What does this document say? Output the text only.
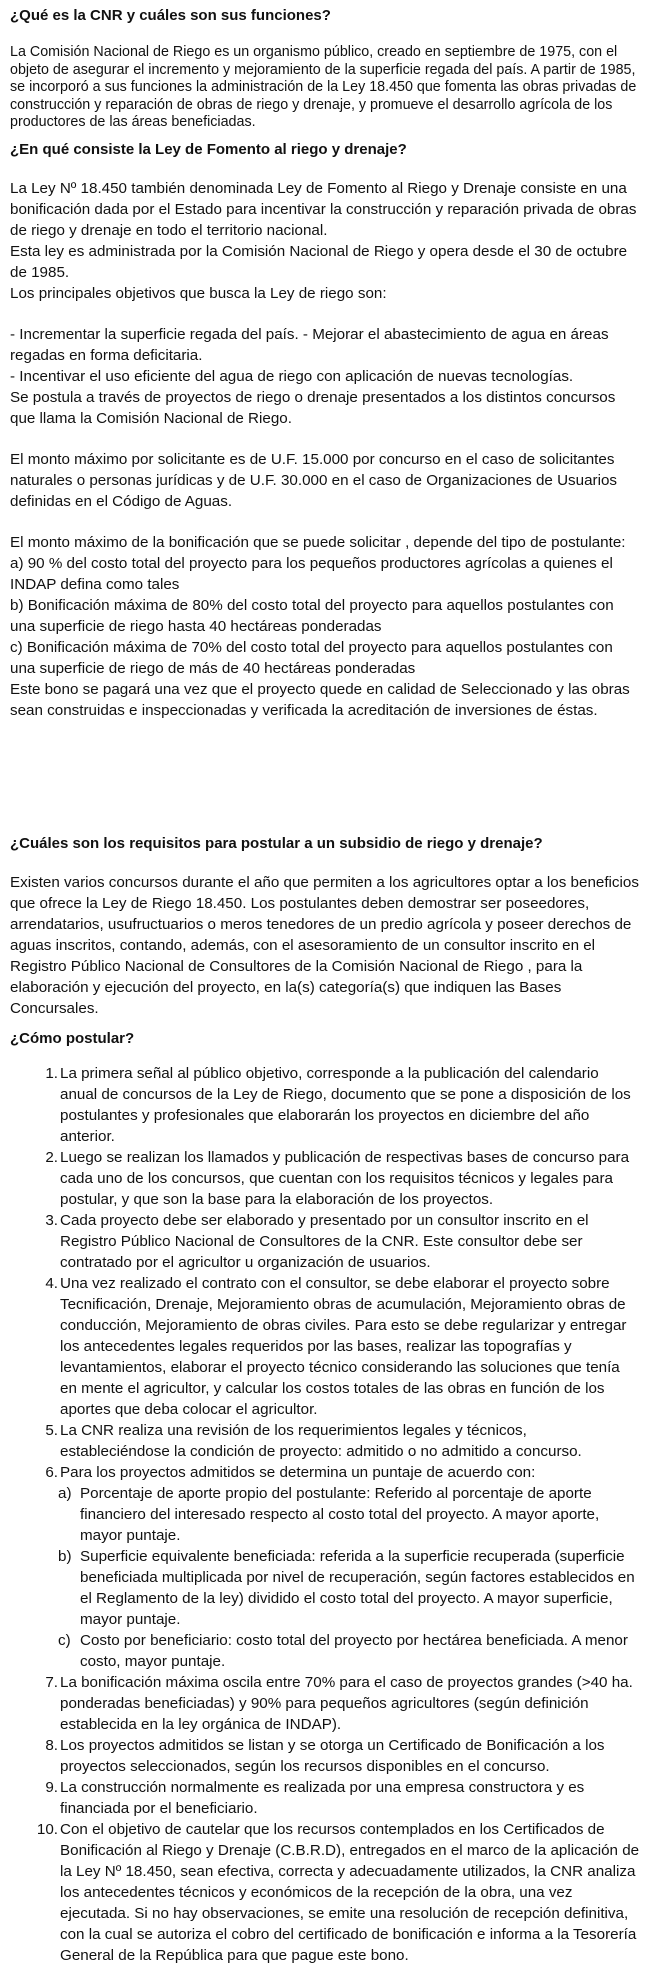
¿Qué es la CNR y cuáles son sus funciones?

La Comisión Nacional de Riego es un organismo público, creado en septiembre de 1975, con el objeto de asegurar el incremento y mejoramiento de la superficie regada del país. A partir de 1985, se incorporó a sus funciones la administración de la Ley 18.450 que fomenta las obras privadas de construcción y reparación de obras de riego y drenaje, y promueve el desarrollo agrícola de los productores de las áreas beneficiadas.

¿En qué consiste la Ley de Fomento al riego y drenaje?

La Ley Nº 18.450 también denominada Ley de Fomento al Riego y Drenaje consiste en una bonificación dada por el Estado para incentivar la construcción y reparación privada de obras de riego y drenaje en todo el territorio nacional.

Esta ley es administrada por la Comisión Nacional de Riego y opera desde el 30 de octubre de 1985.

Los principales objetivos que busca la Ley de riego son:

- Incrementar la superficie regada del país. - Mejorar el abastecimiento de agua en áreas regadas en forma deficitaria.

- Incentivar el uso eficiente del agua de riego con aplicación de nuevas tecnologías.

Se postula a través de proyectos de riego o drenaje presentados a los distintos concursos que llama la Comisión Nacional de Riego.

El monto máximo por solicitante es de U.F. 15.000 por concurso en el caso de solicitantes naturales o personas jurídicas y de U.F. 30.000 en el caso de Organizaciones de Usuarios definidas en el Código de Aguas.

El monto máximo de la bonificación que se puede solicitar , depende del tipo de postulante:

a) 90 % del costo total del proyecto para los pequeños productores agrícolas a quienes el INDAP defina como tales

b) Bonificación máxima de 80% del costo total del proyecto para aquellos postulantes con una superficie de riego hasta 40 hectáreas ponderadas

c) Bonificación máxima de 70% del costo total del proyecto para aquellos postulantes con una superficie de riego de más de 40 hectáreas ponderadas

Este bono se pagará una vez que el proyecto quede en calidad de Seleccionado y las obras sean construidas e inspeccionadas y verificada la acreditación de inversiones de éstas.

¿Cuáles son los requisitos para postular a un subsidio de riego y drenaje?

Existen varios concursos durante el año que permiten a los agricultores optar a los beneficios que ofrece la Ley de Riego 18.450. Los postulantes deben demostrar ser poseedores, arrendatarios, usufructuarios o meros tenedores de un predio agrícola y poseer derechos de aguas inscritos, contando, además, con el asesoramiento de un consultor inscrito en el Registro Público Nacional de Consultores de la Comisión Nacional de Riego , para la elaboración y ejecución del proyecto, en la(s) categoría(s) que indiquen las Bases Concursales.

¿Cómo postular?
1. La primera señal al público objetivo, corresponde a la publicación del calendario anual de concursos de la Ley de Riego, documento que se pone a disposición de los postulantes y profesionales que elaborarán los proyectos en diciembre del año anterior.
2. Luego se realizan los llamados y publicación de respectivas bases de concurso para cada uno de los concursos, que cuentan con los requisitos técnicos y legales para postular, y que son la base para la elaboración de los proyectos.
3. Cada proyecto debe ser elaborado y presentado por un consultor inscrito en el Registro Público Nacional de Consultores de la CNR. Este consultor debe ser contratado por el agricultor u organización de usuarios.
4. Una vez realizado el contrato con el consultor, se debe elaborar el proyecto sobre Tecnificación, Drenaje, Mejoramiento obras de acumulación, Mejoramiento obras de conducción, Mejoramiento de obras civiles. Para esto se debe regularizar y entregar los antecedentes legales requeridos por las bases, realizar las topografías y levantamientos, elaborar el proyecto técnico considerando las soluciones que tenía en mente el agricultor, y calcular los costos totales de las obras en función de los aportes que deba colocar el agricultor.
5. La CNR realiza una revisión de los requerimientos legales y técnicos, estableciéndose la condición de proyecto: admitido o no admitido a concurso.
6. Para los proyectos admitidos se determina un puntaje de acuerdo con:
a) Porcentaje de aporte propio del postulante: Referido al porcentaje de aporte financiero del interesado respecto al costo total del proyecto. A mayor aporte, mayor puntaje.
b) Superficie equivalente beneficiada: referida a la superficie recuperada (superficie beneficiada multiplicada por nivel de recuperación, según factores establecidos en el Reglamento de la ley) dividido el costo total del proyecto. A mayor superficie, mayor puntaje.
c) Costo por beneficiario: costo total del proyecto por hectárea beneficiada. A menor costo, mayor puntaje.
7. La bonificación máxima oscila entre 70% para el caso de proyectos grandes (>40 ha. ponderadas beneficiadas) y 90% para pequeños agricultores (según definición establecida en la ley orgánica de INDAP).
8. Los proyectos admitidos se listan y se otorga un Certificado de Bonificación a los proyectos seleccionados, según los recursos disponibles en el concurso.
9. La construcción normalmente es realizada por una empresa constructora y es financiada por el beneficiario.
10. Con el objetivo de cautelar que los recursos contemplados en los Certificados de Bonificación al Riego y Drenaje (C.B.R.D), entregados en el marco de la aplicación de la Ley Nº 18.450, sean efectiva, correcta y adecuadamente utilizados, la CNR analiza los antecedentes técnicos y económicos de la recepción de la obra, una vez ejecutada. Si no hay observaciones, se emite una resolución de recepción definitiva, con la cual se autoriza el cobro del certificado de bonificación e informa a la Tesorería General de la República para que pague este bono.
